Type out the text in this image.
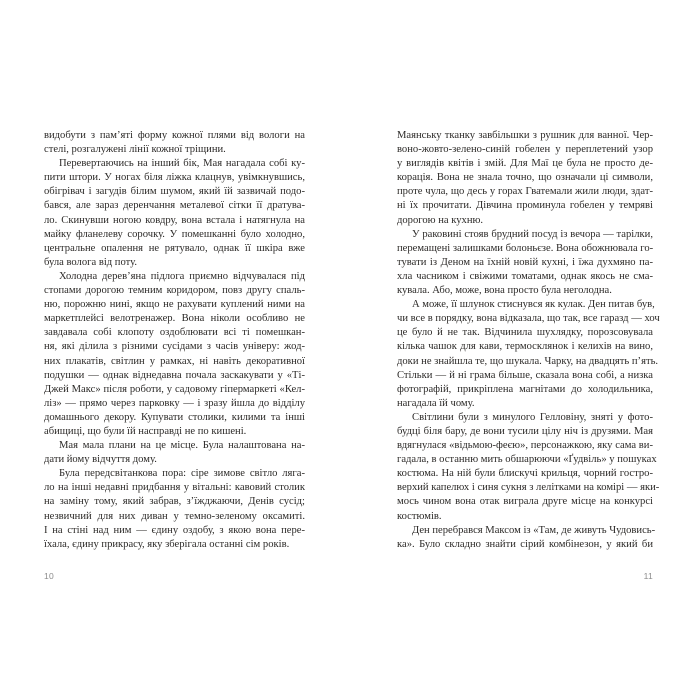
видобути з пам’яті форму кожної плями від вологи на
стелі, розгалужені лінії кожної тріщини.
Перевертаючись на інший бік, Мая нагадала собі ку-
пити штори. У ногах біля ліжка клацнув, увімкнувшись,
обігрівач і загудів білим шумом, який їй зазвичай подо-
бався, але зараз деренчання металевої сітки її дратува-
ло. Скинувши ногою ковдру, вона встала і натягнула на
майку фланелеву сорочку. У помешканні було холодно,
центральне опалення не рятувало, однак її шкіра вже
була волога від поту.
Холодна дерев’яна підлога приємно відчувалася під
стопами дорогою темним коридором, повз другу спаль-
ню, порожню нині, якщо не рахувати куплений ними на
маркетплейсі велотренажер. Вона ніколи особливо не
завдавала собі клопоту оздоблювати всі ті помешкан-
ня, які ділила з різними сусідами з часів універу: жод-
них плакатів, світлин у рамках, ні навіть декоративної
подушки — однак віднедавна почала заскакувати у «Ті-
Джей Макс» після роботи, у садовому гіпермаркеті «Кел-
ліз» — прямо через парковку — і зразу йшла до відділу
домашнього декору. Купувати столики, килими та інші
абищиці, що були їй насправді не по кишені.
Мая мала плани на це місце. Була налаштована на-
дати йому відчуття дому.
Була передсвітанкова пора: сіре зимове світло ляга-
ло на інші недавні придбання у вітальні: кавовий столик
на заміну тому, який забрав, з’їжджаючи, Денів сусід;
незвичний для них диван у темно-зеленому оксамиті.
І на стіні над ним — єдину оздобу, з якою вона пере-
їхала, єдину прикрасу, яку зберігала останні сім років.
10
Маянську тканку завбільшки з рушник для ванної. Чер-
воно-жовто-зелено-синій гобелен у переплетений узор
у виглядів квітів і змій. Для Маї це була не просто де-
корація. Вона не знала точно, що означали ці символи,
проте чула, що десь у горах Гватемали жили люди, здат-
ні їх прочитати. Дівчина проминула гобелен у темряві
дорогою на кухню.
У раковині стояв брудний посуд із вечора — тарілки,
перемащені залишками болоньєзе. Вона обожнювала го-
тувати із Деном на їхній новій кухні, і їжа духмяно па-
хла часником і свіжими томатами, однак якось не сма-
кувала. Або, може, вона просто була неголодна.
А може, її шлунок стиснувся як кулак. Ден питав був,
чи все в порядку, вона відказала, що так, все гаразд — хоч
це було й не так. Відчинила шухлядку, порозсовувала
кілька чашок для кави, термосклянок і келихів на вино,
доки не знайшла те, що шукала. Чарку, на двадцять п’ять.
Стільки — й ні грама більше, сказала вона собі, а низка
фотографій, прикріплена магнітами до холодильника,
нагадала їй чому.
Світлини були з минулого Гелловіну, зняті у фото-
будці біля бару, де вони тусили цілу ніч із друзями. Мая
вдягнулася «відьмою-феєю», персонажкою, яку сама ви-
гадала, в останню мить обшарюючи «Ґудвіль» у пошуках
костюма. На ній були блискучі крильця, чорний гостро-
верхий капелюх і синя сукня з лелітками на комірі — яки-
мось чином вона отак виграла друге місце на конкурсі
костюмів.
Ден перебрався Максом із «Там, де живуть Чудовись-
ка». Було складно знайти сірий комбінезон, у який би
11
